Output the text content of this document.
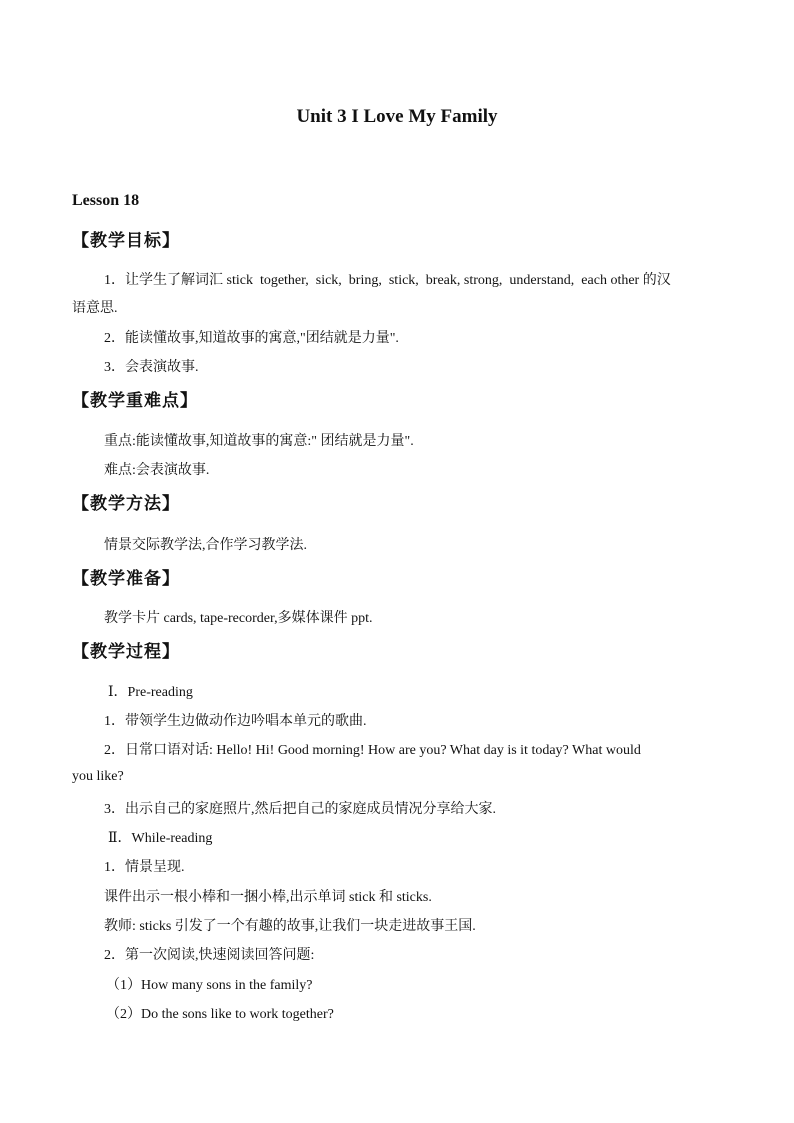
Unit 3 I Love My Family
Lesson 18
【教学目标】
1．让学生了解词汇 stick  together,  sick,  bring,  stick,  break, strong,  understand,  each other 的汉
语意思.
2．能读懂故事,知道故事的寓意,"团结就是力量".
3．会表演故事.
【教学重难点】
重点:能读懂故事,知道故事的寓意:" 团结就是力量".
难点:会表演故事.
【教学方法】
情景交际教学法,合作学习教学法.
【教学准备】
教学卡片 cards, tape-recorder,多媒体课件 ppt.
【教学过程】
Ⅰ．Pre-reading
1．带领学生边做动作边吟唱本单元的歌曲.
2．日常口语对话: Hello! Hi! Good morning! How are you? What day is it today? What would
you like?
3．出示自己的家庭照片,然后把自己的家庭成员情况分享给大家.
Ⅱ．While-reading
1．情景呈现.
课件出示一根小棒和一捆小棒,出示单词 stick 和 sticks.
教师: sticks 引发了一个有趣的故事,让我们一块走进故事王国.
2．第一次阅读,快速阅读回答问题:
（1）How many sons in the family?
（2）Do the sons like to work together?
